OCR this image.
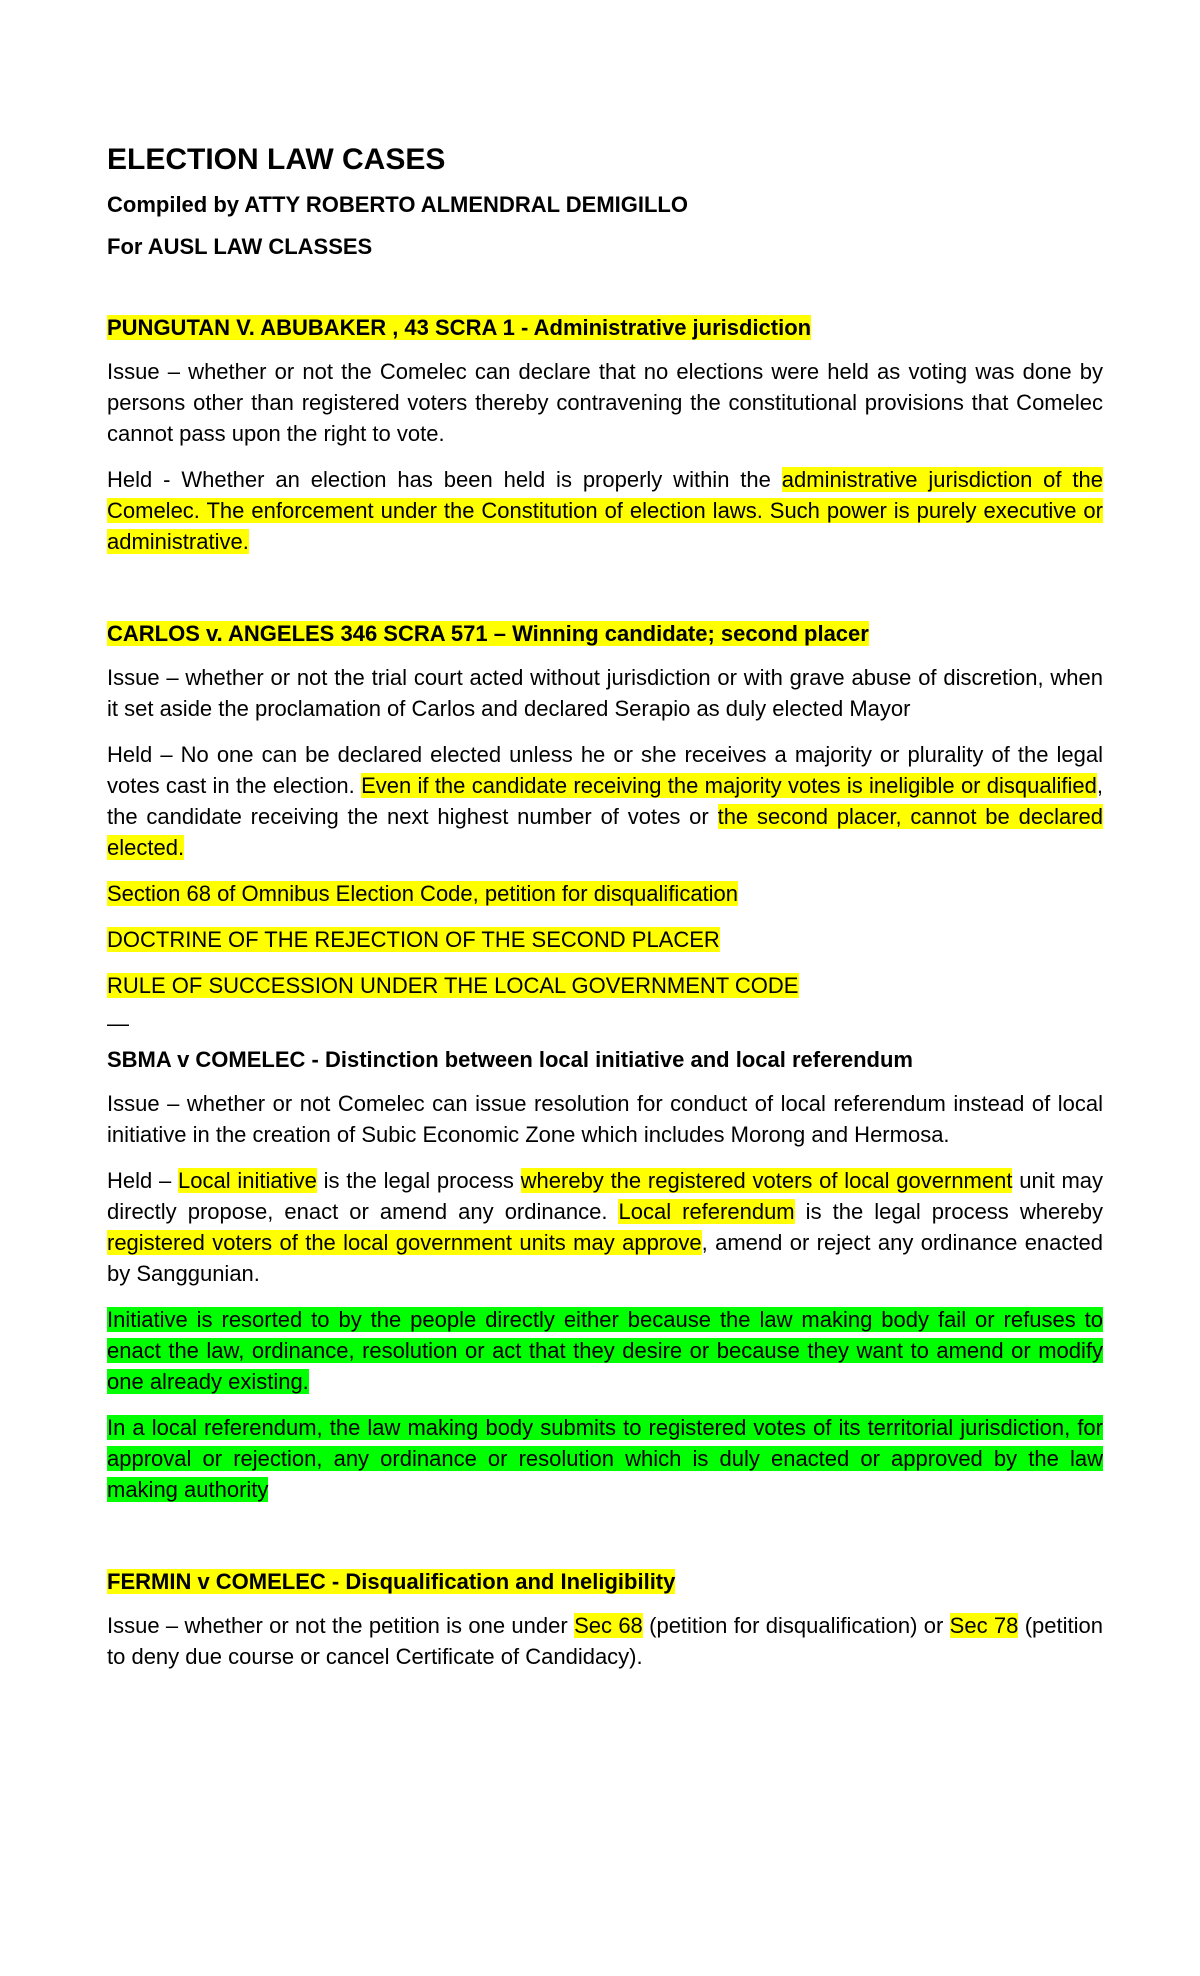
ELECTION LAW CASES
Compiled by ATTY ROBERTO ALMENDRAL DEMIGILLO
For AUSL LAW CLASSES
PUNGUTAN V. ABUBAKER , 43 SCRA 1 - Administrative jurisdiction

Issue – whether or not the Comelec can declare that no elections were held as voting was done by persons other than registered voters thereby contravening the constitutional provisions that Comelec cannot pass upon the right to vote.

Held - Whether an election has been held is properly within the administrative jurisdiction of the Comelec. The enforcement under the Constitution of election laws. Such power is purely executive or administrative.

CARLOS v. ANGELES 346 SCRA 571 – Winning candidate; second placer

Issue – whether or not the trial court acted without jurisdiction or with grave abuse of discretion, when it set aside the proclamation of Carlos and declared Serapio as duly elected Mayor

Held – No one can be declared elected unless he or she receives a majority or plurality of the legal votes cast in the election. Even if the candidate receiving the majority votes is ineligible or disqualified, the candidate receiving the next highest number of votes or the second placer, cannot be declared elected.

Section 68 of Omnibus Election Code, petition for disqualification

DOCTRINE OF THE REJECTION OF THE SECOND PLACER

RULE OF SUCCESSION UNDER THE LOCAL GOVERNMENT CODE

—
SBMA v COMELEC - Distinction between local initiative and local referendum

Issue – whether or not Comelec can issue resolution for conduct of local referendum instead of local initiative in the creation of Subic Economic Zone which includes Morong and Hermosa.

Held – Local initiative is the legal process whereby the registered voters of local government unit may directly propose, enact or amend any ordinance. Local referendum is the legal process whereby registered voters of the local government units may approve, amend or reject any ordinance enacted by Sanggunian.

Initiative is resorted to by the people directly either because the law making body fail or refuses to enact the law, ordinance, resolution or act that they desire or because they want to amend or modify one already existing.

In a local referendum, the law making body submits to registered votes of its territorial jurisdiction, for approval or rejection, any ordinance or resolution which is duly enacted or approved by the law making authority

FERMIN v COMELEC - Disqualification and Ineligibility

Issue – whether or not the petition is one under Sec 68 (petition for disqualification) or Sec 78 (petition to deny due course or cancel Certificate of Candidacy).
